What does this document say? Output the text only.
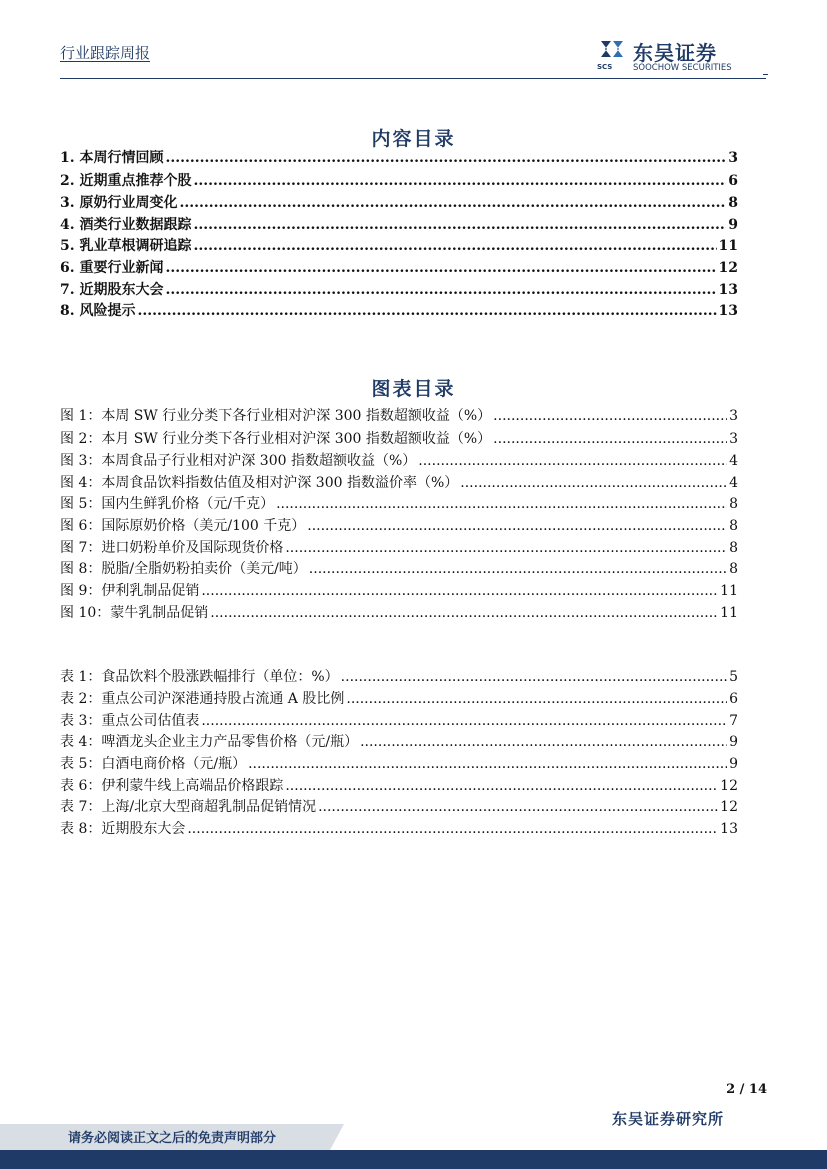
行业跟踪周报
SCS
东吴证券
SOOCHOW SECURITIES
内容目录
1. 本周行情回顾 .....	3
2. 近期重点推荐个股 .....	6
3. 原奶行业周变化 .....	8
4. 酒类行业数据跟踪 .....	9
5. 乳业草根调研追踪 .....	11
6. 重要行业新闻 .....	12
7. 近期股东大会 .....	13
8. 风险提示 .....	13
图表目录
图 1：本周 SW 行业分类下各行业相对沪深 300 指数超额收益（%） .....	3
图 2：本月 SW 行业分类下各行业相对沪深 300 指数超额收益（%） .....	3
图 3：本周食品子行业相对沪深 300 指数超额收益（%） .....	4
图 4：本周食品饮料指数估值及相对沪深 300 指数溢价率（%） .....	4
图 5：国内生鲜乳价格（元/千克） .....	8
图 6：国际原奶价格（美元/100 千克） .....	8
图 7：进口奶粉单价及国际现货价格 .....	8
图 8：脱脂/全脂奶粉拍卖价（美元/吨） .....	8
图 9：伊利乳制品促销 .....	11
图 10：蒙牛乳制品促销 .....	11
表 1：食品饮料个股涨跌幅排行（单位：%） .....	5
表 2：重点公司沪深港通持股占流通 A 股比例 .....	6
表 3：重点公司估值表 .....	7
表 4：啤酒龙头企业主力产品零售价格（元/瓶） .....	9
表 5：白酒电商价格（元/瓶） .....	9
表 6：伊利蒙牛线上高端品价格跟踪 .....	12
表 7：上海/北京大型商超乳制品促销情况 .....	12
表 8：近期股东大会 .....	13
2 / 14
东吴证券研究所
请务必阅读正文之后的免责声明部分
